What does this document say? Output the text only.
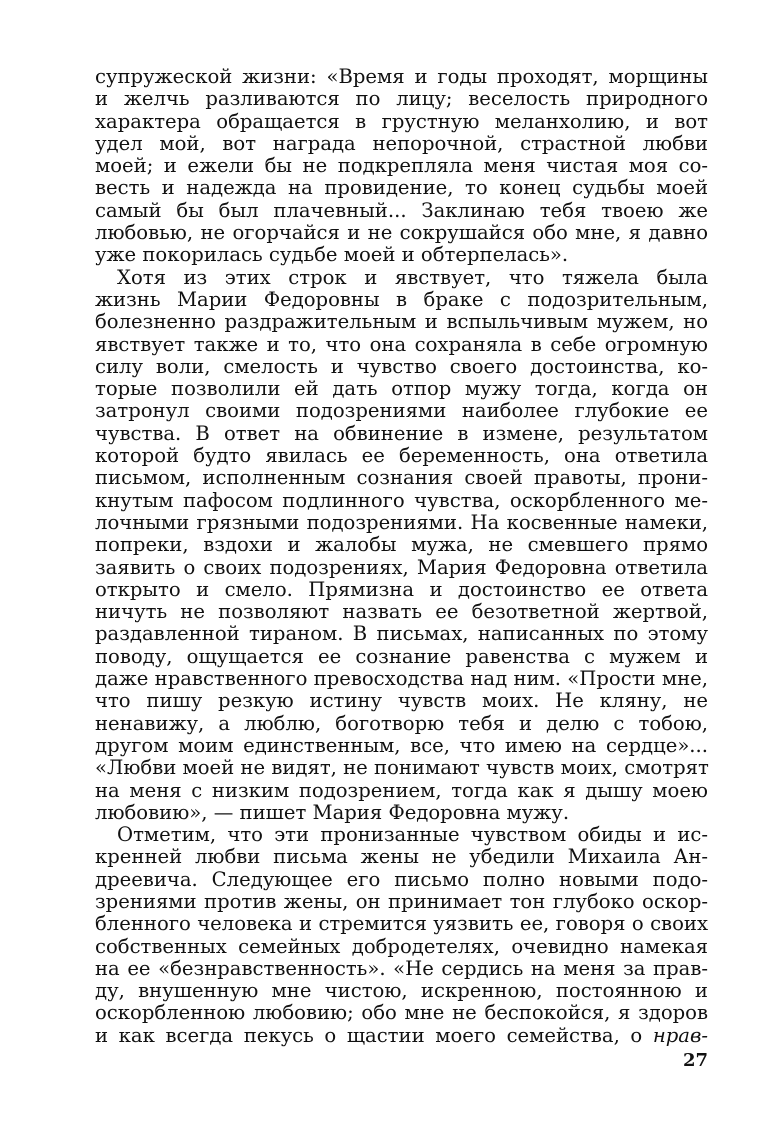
супружеской жизни: «Время и годы проходят, морщины
и желчь разливаются по лицу; веселость природного
характера обращается в грустную меланхолию, и вот
удел мой, вот награда непорочной, страстной любви
моей; и ежели бы не подкрепляла меня чистая моя со-
весть и надежда на провидение, то конец судьбы моей
самый бы был плачевный... Заклинаю тебя твоею же
любовью, не огорчайся и не сокрушайся обо мне, я давно
уже покорилась судьбе моей и обтерпелась».

Хотя из этих строк и явствует, что тяжела была
жизнь Марии Федоровны в браке с подозрительным,
болезненно раздражительным и вспыльчивым мужем, но
явствует также и то, что она сохраняла в себе огромную
силу воли, смелость и чувство своего достоинства, ко-
торые позволили ей дать отпор мужу тогда, когда он
затронул своими подозрениями наиболее глубокие ее
чувства. В ответ на обвинение в измене, результатом
которой будто явилась ее беременность, она ответила
письмом, исполненным сознания своей правоты, прони-
кнутым пафосом подлинного чувства, оскорбленного ме-
лочными грязными подозрениями. На косвенные намеки,
попреки, вздохи и жалобы мужа, не смевшего прямо
заявить о своих подозрениях, Мария Федоровна ответила
открыто и смело. Прямизна и достоинство ее ответа
ничуть не позволяют назвать ее безответной жертвой,
раздавленной тираном. В письмах, написанных по этому
поводу, ощущается ее сознание равенства с мужем и
даже нравственного превосходства над ним. «Прости мне,
что пишу резкую истину чувств моих. Не кляну, не
ненавижу, а люблю, боготворю тебя и делю с тобою,
другом моим единственным, все, что имею на сердце»...
«Любви моей не видят, не понимают чувств моих, смотрят
на меня с низким подозрением, тогда как я дышу моею
любовию», — пишет Мария Федоровна мужу.

Отметим, что эти пронизанные чувством обиды и ис-
кренней любви письма жены не убедили Михаила Ан-
дреевича. Следующее его письмо полно новыми подо-
зрениями против жены, он принимает тон глубоко оскор-
бленного человека и стремится уязвить ее, говоря о своих
собственных семейных добродетелях, очевидно намекая
на ее «безнравственность». «Не сердись на меня за прав-
ду, внушенную мне чистою, искренною, постоянною и
оскорбленною любовию; обо мне не беспокойся, я здоров
и как всегда пекусь о щастии моего семейства, о нрав-

27
